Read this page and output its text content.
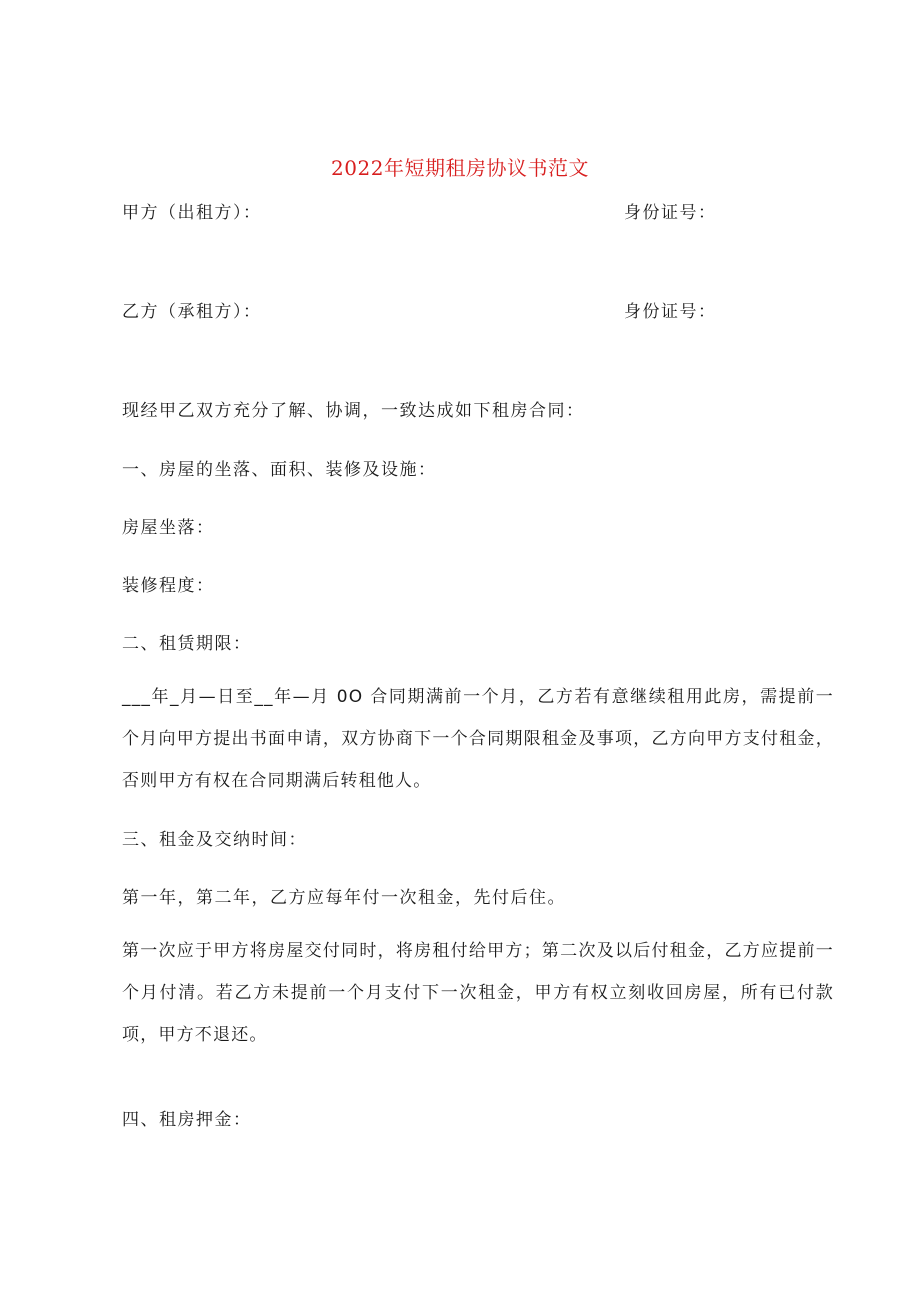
2022年短期租房协议书范文

甲方（出租方）：	身份证号：

乙方（承租方）：	身份证号：

现经甲乙双方充分了解、协调，一致达成如下租房合同：

一、房屋的坐落、面积、装修及设施：

房屋坐落：

装修程度：

二、租赁期限：

___年_月—日至__年—月 0O 合同期满前一个月，乙方若有意继续租用此房，需提前一个月向甲方提出书面申请，双方协商下一个合同期限租金及事项，乙方向甲方支付租金，否则甲方有权在合同期满后转租他人。

三、租金及交纳时间：

第一年，第二年，乙方应每年付一次租金，先付后住。

第一次应于甲方将房屋交付同时，将房租付给甲方；第二次及以后付租金，乙方应提前一个月付清。若乙方未提前一个月支付下一次租金，甲方有权立刻收回房屋，所有已付款项，甲方不退还。

四、租房押金：
